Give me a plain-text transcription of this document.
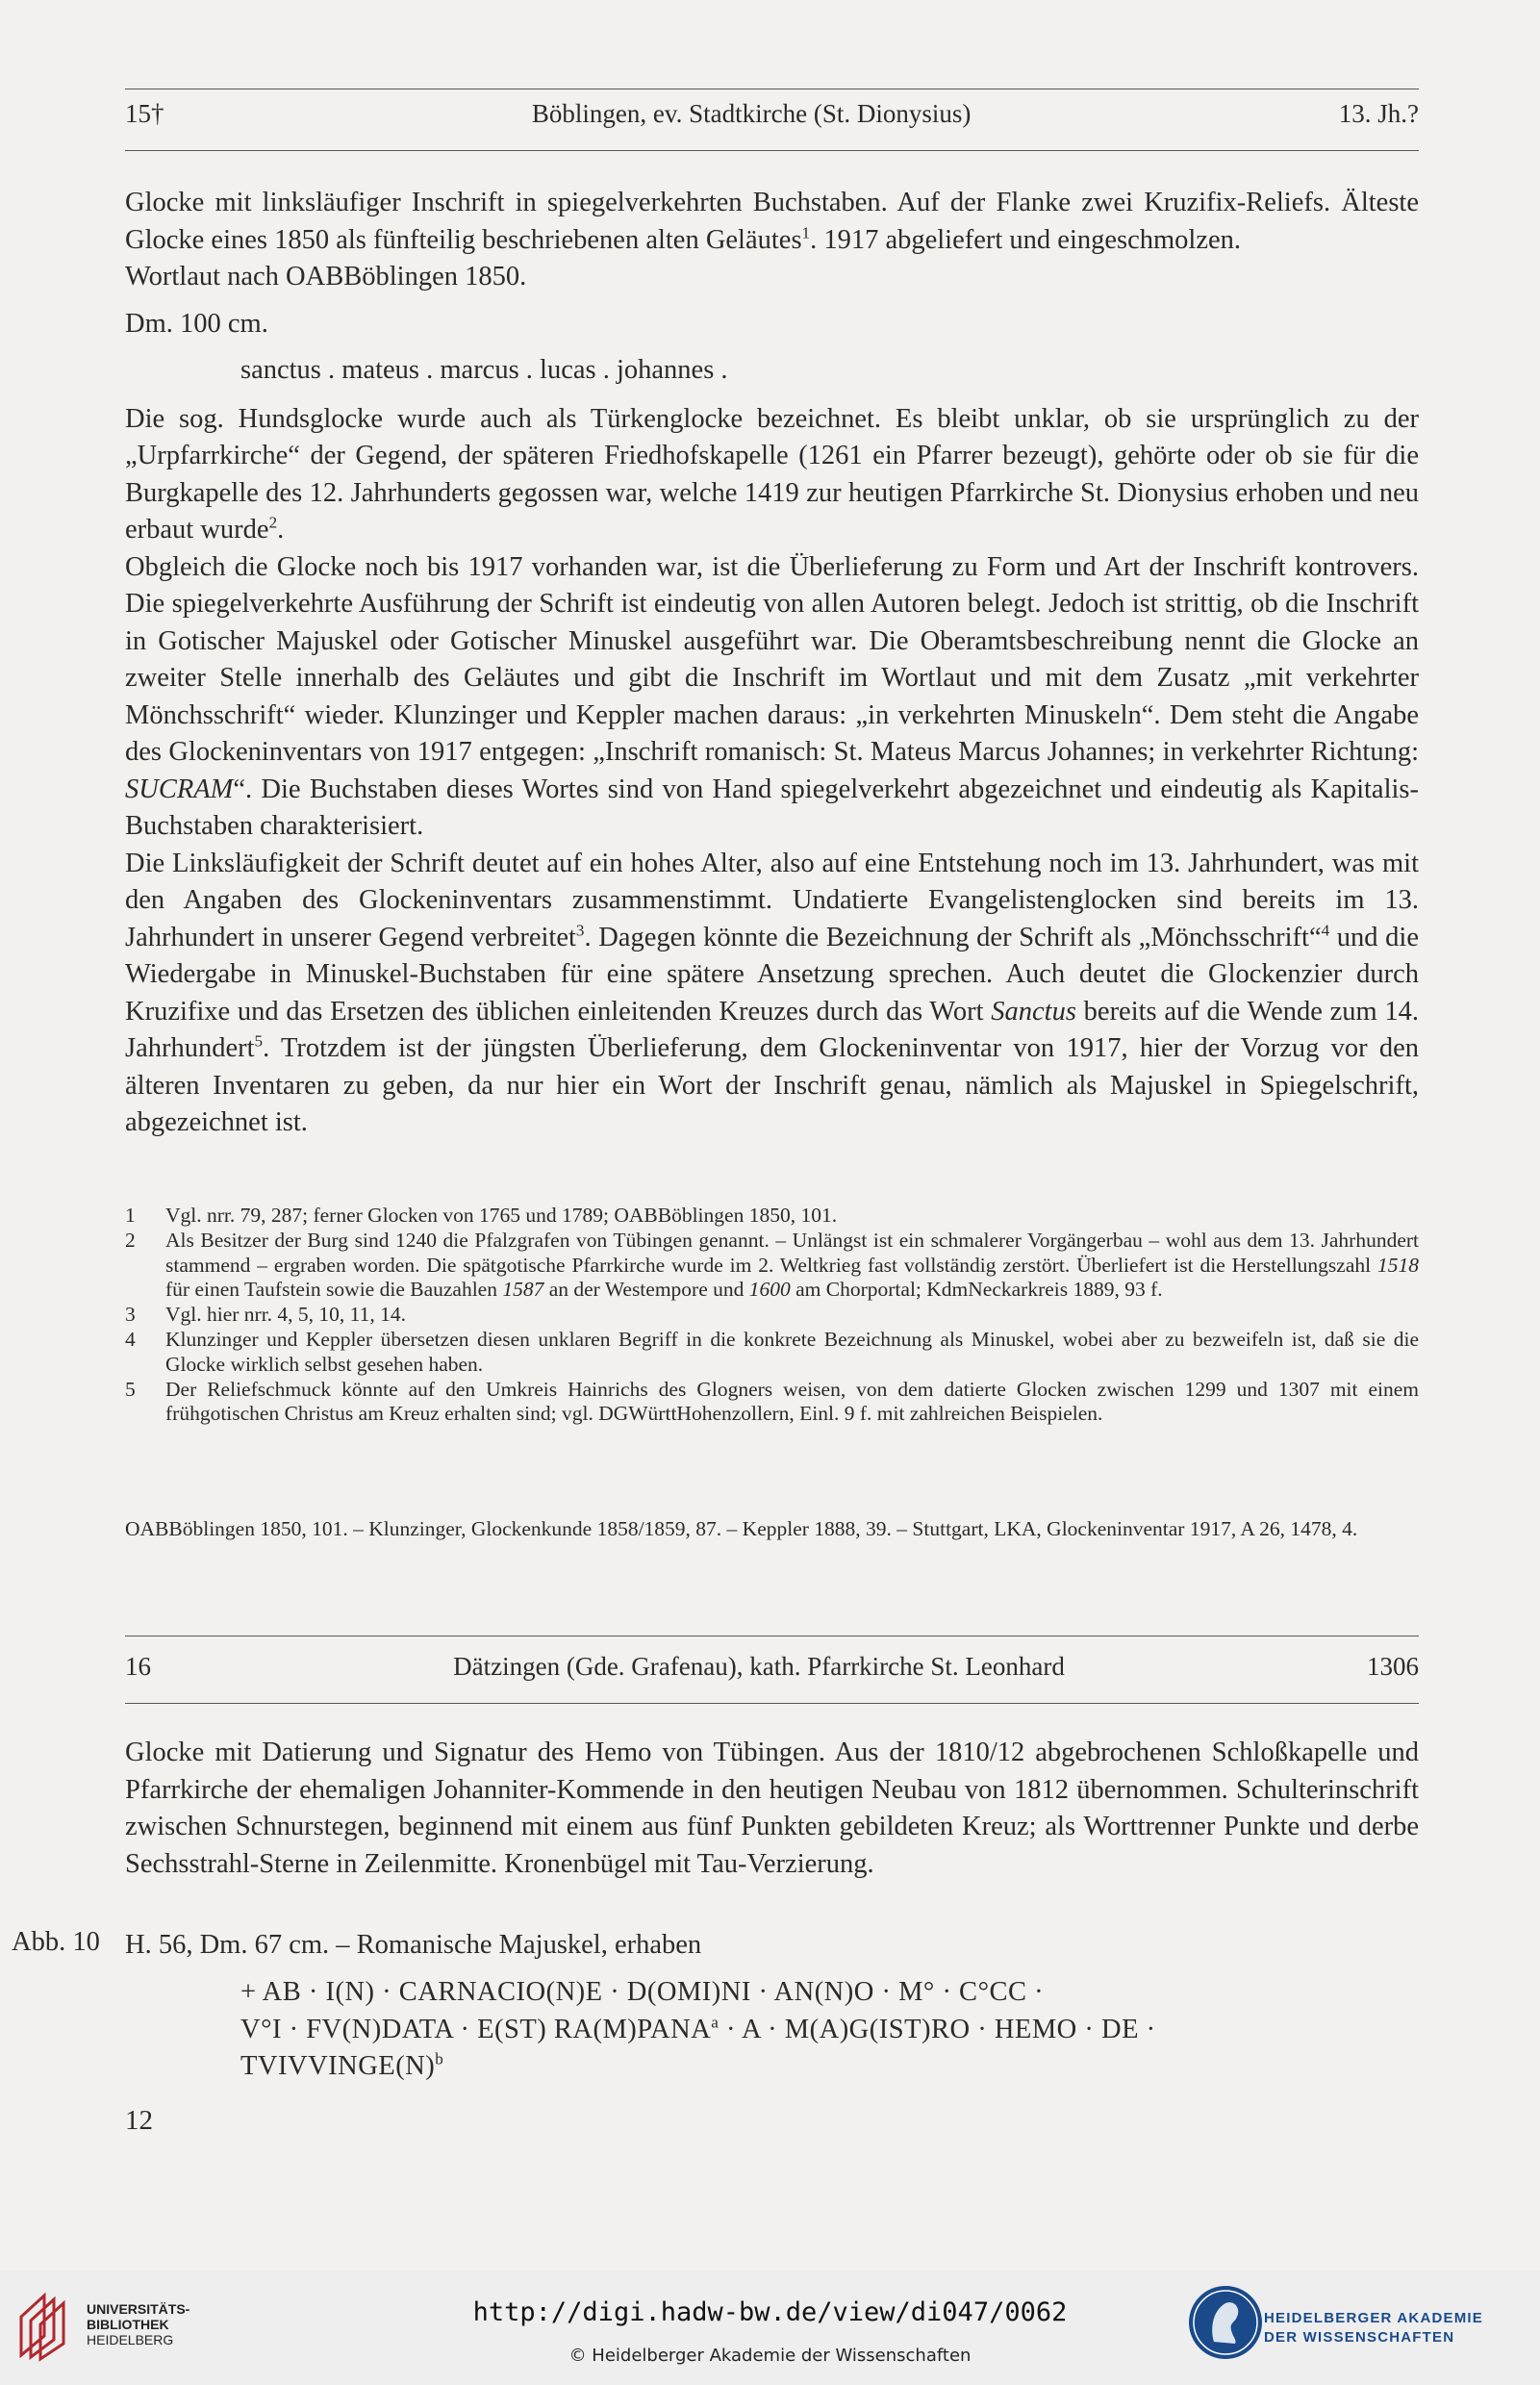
15†	Böblingen, ev. Stadtkirche (St. Dionysius)	13. Jh.?

Glocke mit linksläufiger Inschrift in spiegelverkehrten Buchstaben. Auf der Flanke zwei Kruzifix-Reliefs. Älteste Glocke eines 1850 als fünfteilig beschriebenen alten Geläutes$^1$. 1917 abgeliefert und eingeschmolzen.

Wortlaut nach OABBöblingen 1850.

Dm. 100 cm.

sanctus . mateus . marcus . lucas . johannes .

Die sog. Hundsglocke wurde auch als Türkenglocke bezeichnet. Es bleibt unklar, ob sie ursprünglich zu der „Urpfarrkirche“ der Gegend, der späteren Friedhofskapelle (1261 ein Pfarrer bezeugt), gehörte oder ob sie für die Burgkapelle des 12. Jahrhunderts gegossen war, welche 1419 zur heutigen Pfarrkirche St. Dionysius erhoben und neu erbaut wurde$^2$.

Obgleich die Glocke noch bis 1917 vorhanden war, ist die Überlieferung zu Form und Art der Inschrift kontrovers. Die spiegelverkehrte Ausführung der Schrift ist eindeutig von allen Autoren belegt. Jedoch ist strittig, ob die Inschrift in Gotischer Majuskel oder Gotischer Minuskel ausgeführt war. Die Oberamtsbeschreibung nennt die Glocke an zweiter Stelle innerhalb des Geläutes und gibt die Inschrift im Wortlaut und mit dem Zusatz „mit verkehrter Mönchsschrift“ wieder. Klunzinger und Keppler machen daraus: „in verkehrten Minuskeln“. Dem steht die Angabe des Glockeninventars von 1917 entgegen: „Inschrift romanisch: St. Mateus Marcus Johannes; in verkehrter Richtung: SUCRAM“. Die Buchstaben dieses Wortes sind von Hand spiegelverkehrt abgezeichnet und eindeutig als Kapitalis-Buchstaben charakterisiert.

Die Linksläufigkeit der Schrift deutet auf ein hohes Alter, also auf eine Entstehung noch im 13. Jahrhundert, was mit den Angaben des Glockeninventars zusammenstimmt. Undatierte Evangelistenglocken sind bereits im 13. Jahrhundert in unserer Gegend verbreitet$^3$. Dagegen könnte die Bezeichnung der Schrift als „Mönchsschrift“$^4$ und die Wiedergabe in Minuskel-Buchstaben für eine spätere Ansetzung sprechen. Auch deutet die Glockenzier durch Kruzifixe und das Ersetzen des üblichen einleitenden Kreuzes durch das Wort Sanctus bereits auf die Wende zum 14. Jahrhundert$^5$. Trotzdem ist der jüngsten Überlieferung, dem Glockeninventar von 1917, hier der Vorzug vor den älteren Inventaren zu geben, da nur hier ein Wort der Inschrift genau, nämlich als Majuskel in Spiegelschrift, abgezeichnet ist.

1	Vgl. nrr. 79, 287; ferner Glocken von 1765 und 1789; OABBöblingen 1850, 101.
2	Als Besitzer der Burg sind 1240 die Pfalzgrafen von Tübingen genannt. – Unlängst ist ein schmalerer Vorgängerbau – wohl aus dem 13. Jahrhundert stammend – ergraben worden. Die spätgotische Pfarrkirche wurde im 2. Weltkrieg fast vollständig zerstört. Überliefert ist die Herstellungszahl 1518 für einen Taufstein sowie die Bauzahlen 1587 an der Westempore und 1600 am Chorportal; KdmNeckarkreis 1889, 93 f.
3	Vgl. hier nrr. 4, 5, 10, 11, 14.
4	Klunzinger und Keppler übersetzen diesen unklaren Begriff in die konkrete Bezeichnung als Minuskel, wobei aber zu bezweifeln ist, daß sie die Glocke wirklich selbst gesehen haben.
5	Der Reliefschmuck könnte auf den Umkreis Hainrichs des Glogners weisen, von dem datierte Glocken zwischen 1299 und 1307 mit einem frühgotischen Christus am Kreuz erhalten sind; vgl. DGWürttHohenzollern, Einl. 9 f. mit zahlreichen Beispielen.
OABBöblingen 1850, 101. – Klunzinger, Glockenkunde 1858/1859, 87. – Keppler 1888, 39. – Stuttgart, LKA, Glockeninventar 1917, A 26, 1478, 4.
16	Dätzingen (Gde. Grafenau), kath. Pfarrkirche St. Leonhard	1306
Glocke mit Datierung und Signatur des Hemo von Tübingen. Aus der 1810/12 abgebrochenen Schloßkapelle und Pfarrkirche der ehemaligen Johanniter-Kommende in den heutigen Neubau von 1812 übernommen. Schulterinschrift zwischen Schnurstegen, beginnend mit einem aus fünf Punkten gebildeten Kreuz; als Worttrenner Punkte und derbe Sechsstrahl-Sterne in Zeilenmitte. Kronenbügel mit Tau-Verzierung.
Abb. 10 H. 56, Dm. 67 cm. – Romanische Majuskel, erhaben

+ AB · I(N) · CARNACIO(N)E · D(OMI)NI · AN(N)O · M° · C°CC ·

V°I · FV(N)DATA · E(ST) $RA(M)PANA^a \cdot A \cdot M(A)G(IST)RO$ · HEMO · DE ·

$TVIVVINGE(N)^b$

12
UNIVERSITÄTS-
BIBLIOTHEK
HEIDELBERG
http://digi.hadw-bw.de/view/di047/0062
© Heidelberger Akademie der Wissenschaften
HEIDELBERGER AKADEMIE
DER WISSENSCHAFTEN
